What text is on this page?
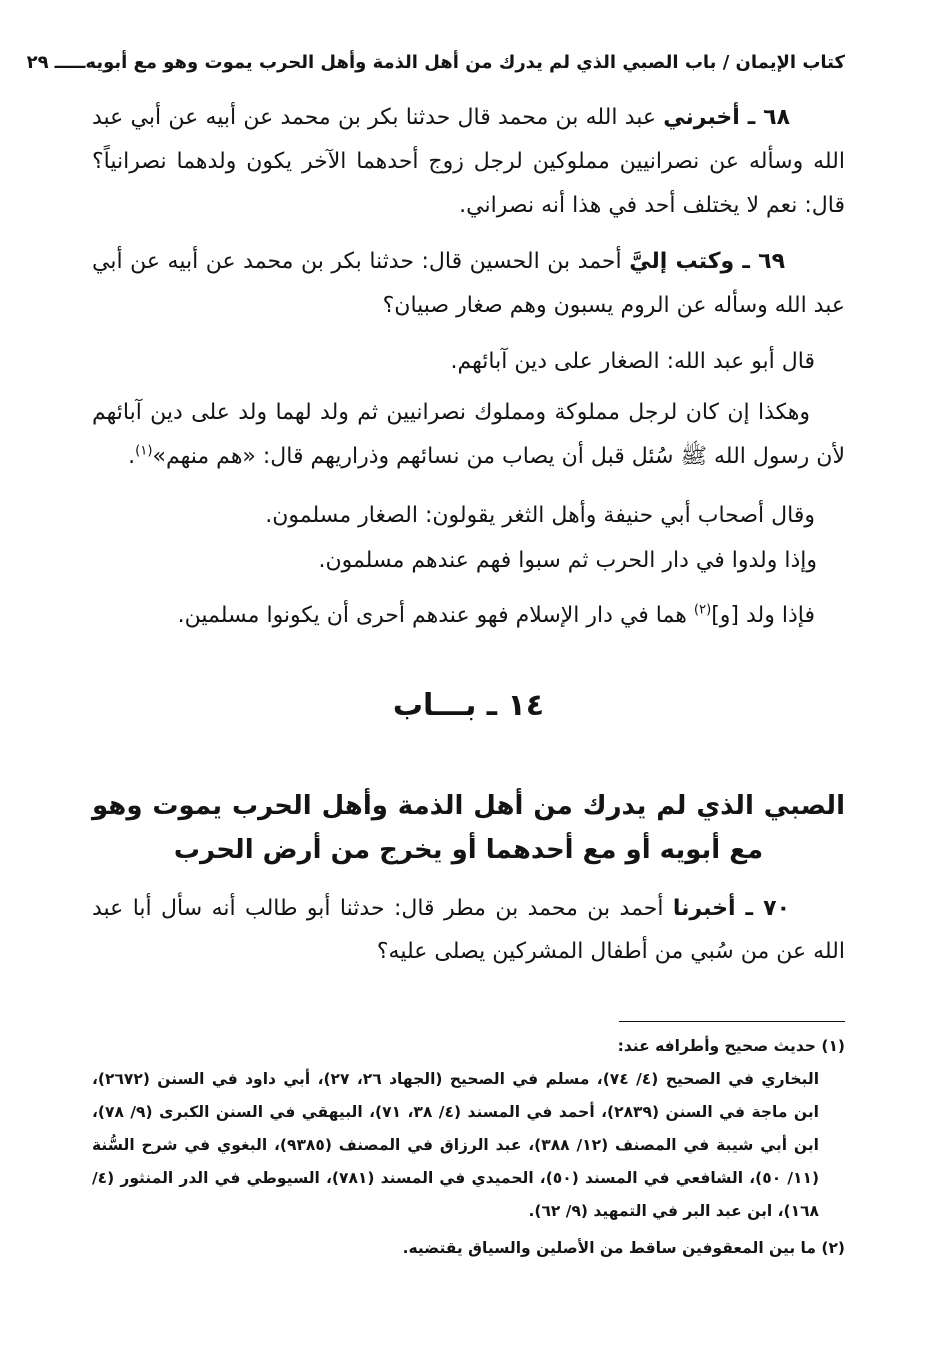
كتاب الإيمان / باب الصبي الذي لم يدرك من أهل الذمة وأهل الحرب يموت وهو مع أبويه
ـــــ
٢٩

٦٨ ـ أخبرني عبد الله بن محمد قال حدثنا بكر بن محمد عن أبيه عن أبي عبد الله وسأله عن نصرانيين مملوكين لرجل زوج أحدهما الآخر يكون ولدهما نصرانياً؟ قال: نعم لا يختلف أحد في هذا أنه نصراني.

٦٩ ـ وكتب إليَّ أحمد بن الحسين قال: حدثنا بكر بن محمد عن أبيه عن أبي عبد الله وسأله عن الروم يسبون وهم صغار صبيان؟

قال أبو عبد الله: الصغار على دين آبائهم.

وهكذا إن كان لرجل مملوكة ومملوك نصرانيين ثم ولد لهما ولد على دين آبائهم لأن رسول الله ﷺ سُئل قبل أن يصاب من نسائهم وذراريهم قال: «هم منهم»$^{(١)}$.

وقال أصحاب أبي حنيفة وأهل الثغر يقولون: الصغار مسلمون.

وإذا ولدوا في دار الحرب ثم سبوا فهم عندهم مسلمون.

فإذا ولد [و]$^{(٢)}$ هما في دار الإسلام فهو عندهم أحرى أن يكونوا مسلمين.

١٤ ـ بـــاب
الصبي الذي لم يدرك من أهل الذمة وأهل الحرب يموت وهو مع أبويه أو مع أحدهما أو يخرج من أرض الحرب

٧٠ ـ أخبرنا أحمد بن محمد بن مطر قال: حدثنا أبو طالب أنه سأل أبا عبد الله عن من سُبي من أطفال المشركين يصلى عليه؟

(١) حديث صحيح وأطرافه عند:
البخاري في الصحيح (٤/ ٧٤)، مسلم في الصحيح (الجهاد ٢٦، ٢٧)، أبي داود في السنن (٢٦٧٢)، ابن ماجة في السنن (٢٨٣٩)، أحمد في المسند (٤/ ٣٨، ٧١)، البيهقي في السنن الكبرى (٩/ ٧٨)، ابن أبي شيبة في المصنف (١٢/ ٣٨٨)، عبد الرزاق في المصنف (٩٣٨٥)، البغوي في شرح السُّنة (١١/ ٥٠)، الشافعي في المسند (٥٠)، الحميدي في المسند (٧٨١)، السيوطي في الدر المنثور (٤/ ١٦٨)، ابن عبد البر في التمهيد (٩/ ٦٢).
(٢) ما بين المعقوفين ساقط من الأصلين والسياق يقتضيه.
